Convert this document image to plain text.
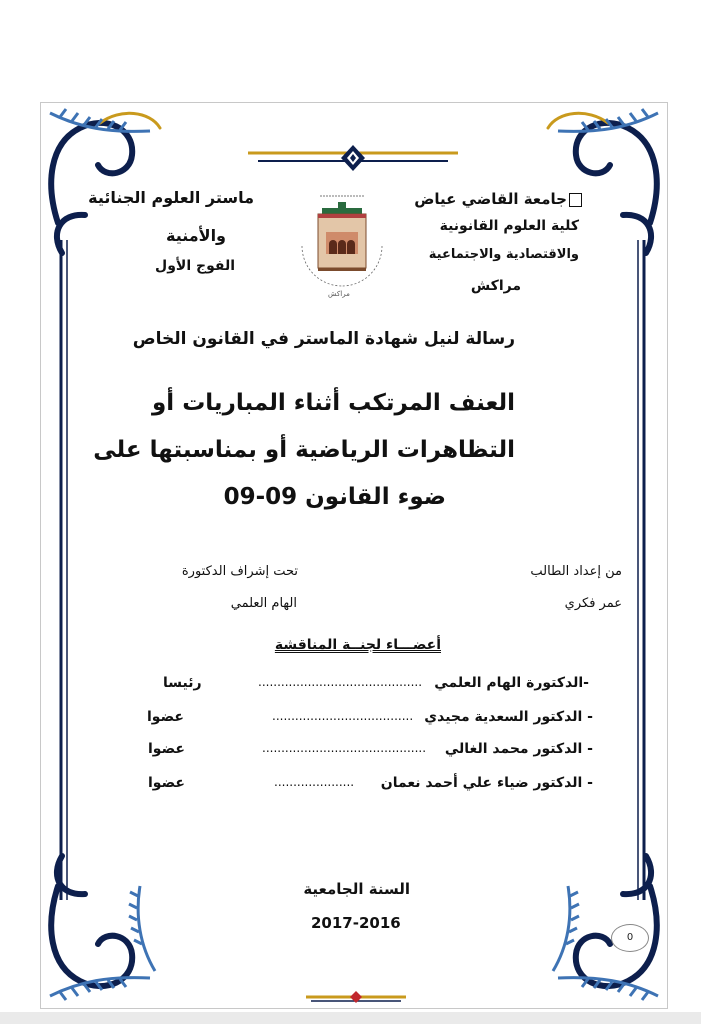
جامعة القاضي عياض
كلية العلوم القانونية
والاقتصادية والاجتماعية
مراكش
ماستر العلوم الجنائية
والأمنية
الفوج الأول
مراكش
رسالة لنيل شهادة الماستر في القانون الخاص
العنف المرتكب أثناء المباريات أو
التظاهرات الرياضية أو بمناسبتها على
ضوء القانون 09-09
من إعداد الطالب
عمر فكري
تحت إشراف الدكتورة
الهام العلمي
أعضـــاء لجنــة المناقشة
-الدكتورة الهام العلمي
...........................................
رئيسا
- الدكتور السعدية مجيدي
.....................................
عضوا
- الدكتور محمد الغالي
...........................................
عضوا
- الدكتور ضياء علي أحمد نعمان
.....................
عضوا
السنة الجامعية
2017-2016
0
